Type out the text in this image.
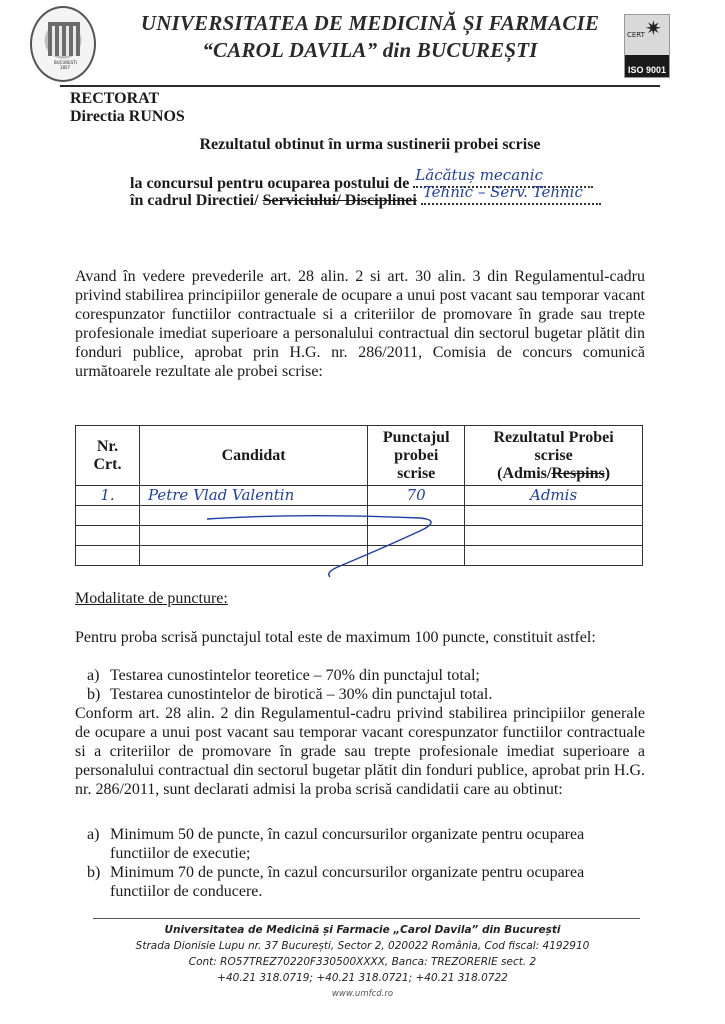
BUCURESTI 1857
UNIVERSITATEA DE MEDICINĂ ȘI FARMACIE
“CAROL DAVILA” din BUCUREȘTI
CERT ✷
ISO 9001
RECTORAT
Directia RUNOS
Rezultatul obtinut în urma sustinerii probei scrise
la concursul pentru ocuparea postului de Lăcătuș mecanic
în cadrul Directiei/ Serviciului/ Disciplinei Tehnic – Serv. Tehnic
Avand în vedere prevederile art. 28 alin. 2 si art. 30 alin. 3 din Regulamentul-cadru privind stabilirea principiilor generale de ocupare a unui post vacant sau temporar vacant corespunzator functiilor contractuale si a criteriilor de promovare în grade sau trepte profesionale imediat superioare a personalului contractual din sectorul bugetar plătit din fonduri publice, aprobat prin H.G. nr. 286/2011, Comisia de concurs comunică următoarele rezultate ale probei scrise:
Nr. Crt.	Candidat	Punctajul probei scrise	Rezultatul Probei scrise (Admis/Respins)
1.	Petre Vlad Valentin	70	Admis

Modalitate de puncture:
Pentru proba scrisă punctajul total este de maximum 100 puncte, constituit astfel:
a) Testarea cunostintelor teoretice – 70% din punctajul total;
b) Testarea cunostintelor de birotică – 30% din punctajul total.
Conform art. 28 alin. 2 din Regulamentul-cadru privind stabilirea principiilor generale de ocupare a unui post vacant sau temporar vacant corespunzator functiilor contractuale si a criteriilor de promovare în grade sau trepte profesionale imediat superioare a personalului contractual din sectorul bugetar plătit din fonduri publice, aprobat prin H.G. nr. 286/2011, sunt declarati admisi la proba scrisă candidatii care au obtinut:
a) Minimum 50 de puncte, în cazul concursurilor organizate pentru ocuparea functiilor de executie;
b) Minimum 70 de puncte, în cazul concursurilor organizate pentru ocuparea functiilor de conducere.
Universitatea de Medicină și Farmacie „Carol Davila” din București
Strada Dionisie Lupu nr. 37 București, Sector 2, 020022 România, Cod fiscal: 4192910
Cont: RO57TREZ70220F330500XXXX, Banca: TREZORERIE sect. 2
+40.21 318.0719; +40.21 318.0721; +40.21 318.0722
www.umfcd.ro
